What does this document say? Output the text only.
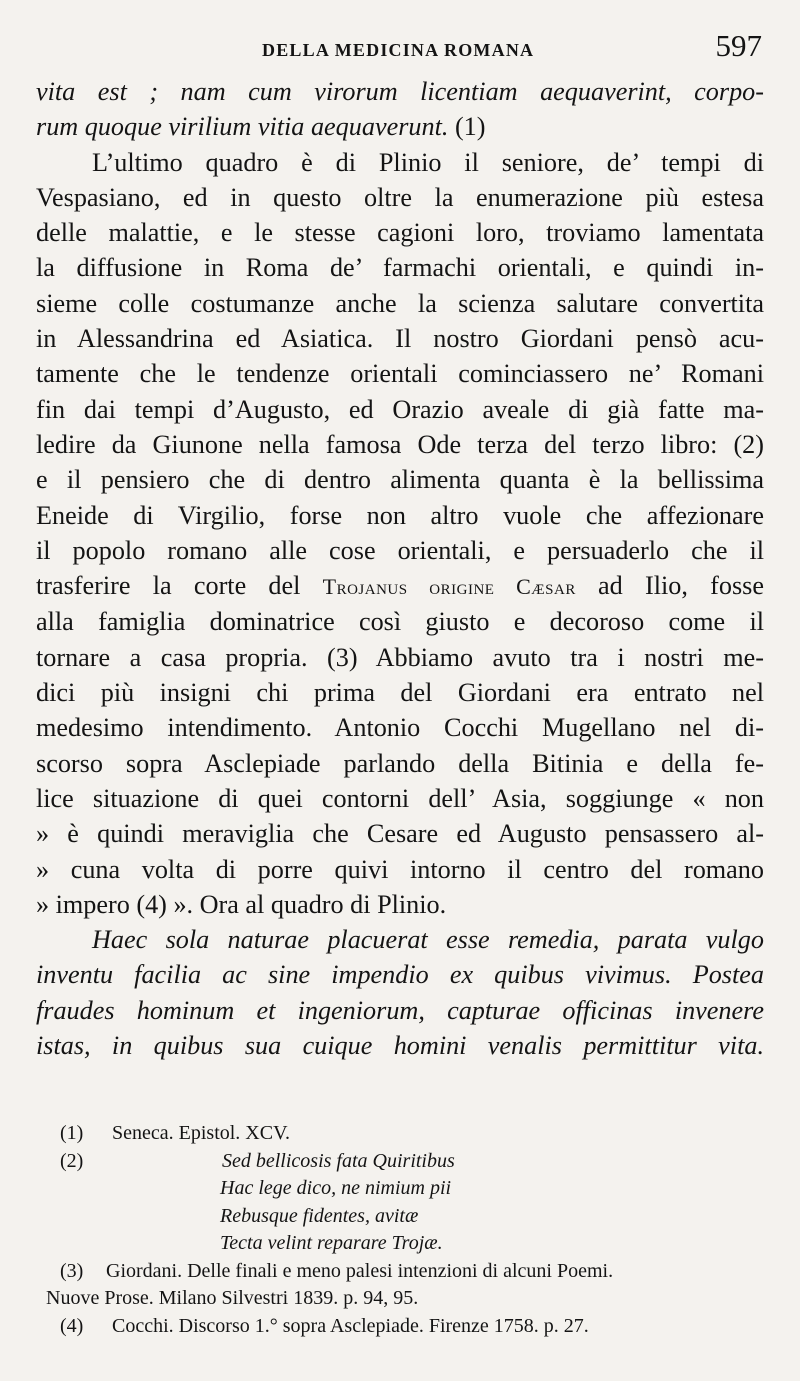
DELLA MEDICINA ROMANA	597
vita est ; nam cum virorum licentiam aequaverint, corpo-
rum quoque virilium vitia aequaverunt. (1)
L’ultimo quadro è di Plinio il seniore, de’ tempi di
Vespasiano, ed in questo oltre la enumerazione più estesa
delle malattie, e le stesse cagioni loro, troviamo lamentata
la diffusione in Roma de’ farmachi orientali, e quindi in-
sieme colle costumanze anche la scienza salutare convertita
in Alessandrina ed Asiatica. Il nostro Giordani pensò acu-
tamente che le tendenze orientali cominciassero ne’ Romani
fin dai tempi d’Augusto, ed Orazio aveale di già fatte ma-
ledire da Giunone nella famosa Ode terza del terzo libro: (2)
e il pensiero che di dentro alimenta quanta è la bellissima
Eneide di Virgilio, forse non altro vuole che affezionare
il popolo romano alle cose orientali, e persuaderlo che il
trasferire la corte del Trojanus origine Cæsar ad Ilio, fosse
alla famiglia dominatrice così giusto e decoroso come il
tornare a casa propria. (3) Abbiamo avuto tra i nostri me-
dici più insigni chi prima del Giordani era entrato nel
medesimo intendimento. Antonio Cocchi Mugellano nel di-
scorso sopra Asclepiade parlando della Bitinia e della fe-
lice situazione di quei contorni dell’ Asia, soggiunge « non
» è quindi meraviglia che Cesare ed Augusto pensassero al-
» cuna volta di porre quivi intorno il centro del romano
» impero (4) ». Ora al quadro di Plinio.
Haec sola naturae placuerat esse remedia, parata vulgo
inventu facilia ac sine impendio ex quibus vivimus. Postea
fraudes hominum et ingeniorum, capturae officinas invenere
istas, in quibus sua cuique homini venalis permittitur vita.
(1) Seneca. Epistol. XCV.
(2)	Sed bellicosis fata Quiritibus
Hac lege dico, ne nimium pii
Rebusque fidentes, avitæ
Tecta velint reparare Trojæ.
(3) Giordani. Delle finali e meno palesi intenzioni di alcuni Poemi.
Nuove Prose. Milano Silvestri 1839. p. 94, 95.
(4) Cocchi. Discorso 1.° sopra Asclepiade. Firenze 1758. p. 27.
